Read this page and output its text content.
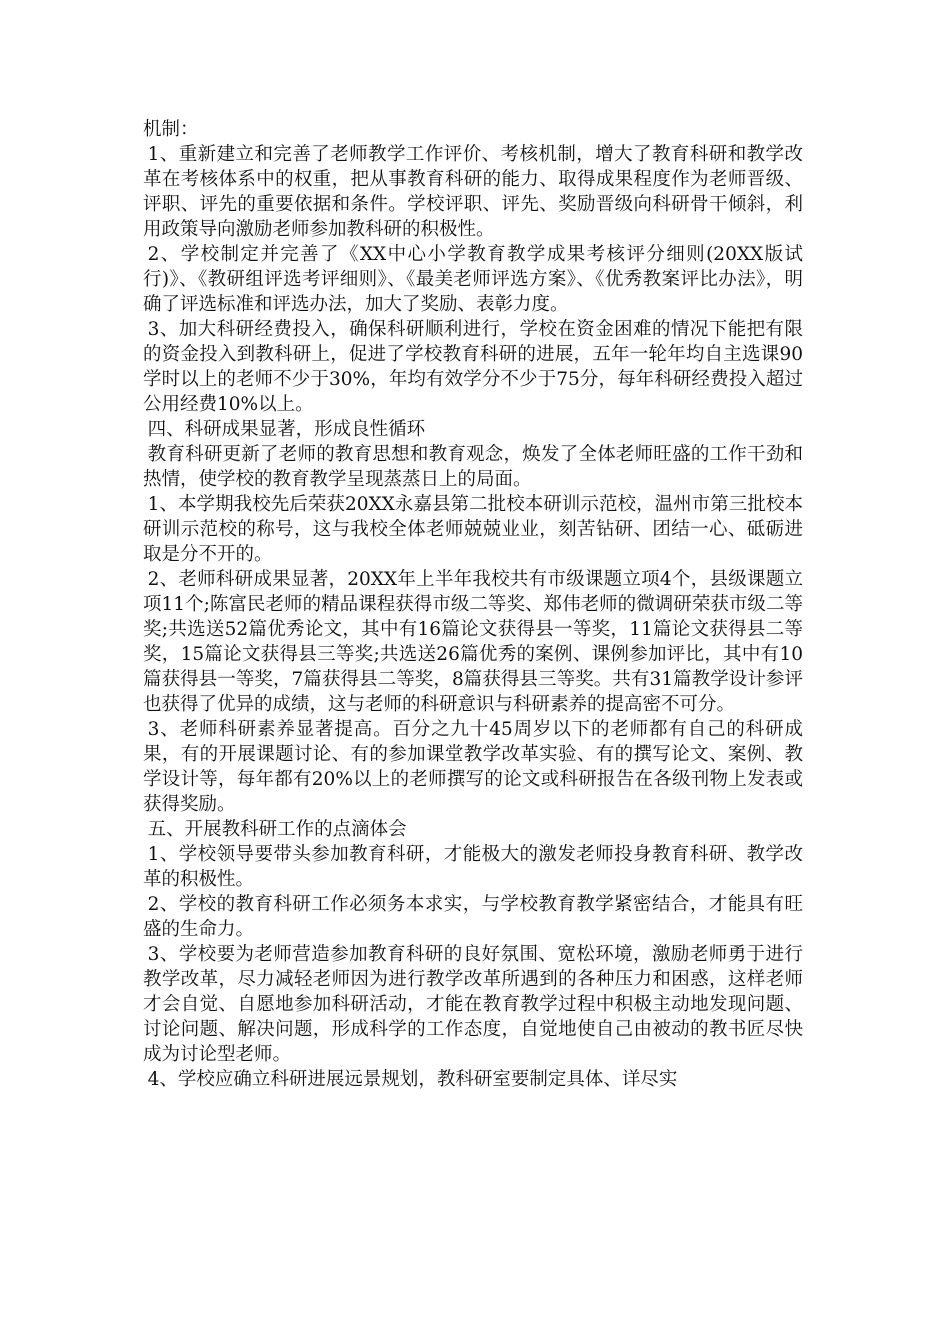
机制：

1、重新建立和完善了老师教学工作评价、考核机制，增大了教育科研和教学改革在考核体系中的权重，把从事教育科研的能力、取得成果程度作为老师晋级、评职、评先的重要依据和条件。学校评职、评先、奖励晋级向科研骨干倾斜，利用政策导向激励老师参加教科研的积极性。

2、学校制定并完善了《XX中心小学教育教学成果考核评分细则(20XX版试行)》、《教研组评选考评细则》、《最美老师评选方案》、《优秀教案评比办法》，明确了评选标准和评选办法，加大了奖励、表彰力度。

3、加大科研经费投入，确保科研顺利进行，学校在资金困难的情况下能把有限的资金投入到教科研上，促进了学校教育科研的进展，五年一轮年均自主选课90学时以上的老师不少于30%，年均有效学分不少于75分，每年科研经费投入超过公用经费10%以上。

四、科研成果显著，形成良性循环

教育科研更新了老师的教育思想和教育观念，焕发了全体老师旺盛的工作干劲和热情，使学校的教育教学呈现蒸蒸日上的局面。

1、本学期我校先后荣获20XX永嘉县第二批校本研训示范校，温州市第三批校本研训示范校的称号，这与我校全体老师兢兢业业，刻苦钻研、团结一心、砥砺进取是分不开的。

2、老师科研成果显著，20XX年上半年我校共有市级课题立项4个，县级课题立项11个;陈富民老师的精品课程获得市级二等奖、郑伟老师的微调研荣获市级二等奖;共选送52篇优秀论文，其中有16篇论文获得县一等奖，11篇论文获得县二等奖，15篇论文获得县三等奖;共选送26篇优秀的案例、课例参加评比，其中有10篇获得县一等奖，7篇获得县二等奖，8篇获得县三等奖。共有31篇教学设计参评也获得了优异的成绩，这与老师的科研意识与科研素养的提高密不可分。

3、老师科研素养显著提高。百分之九十45周岁以下的老师都有自己的科研成果，有的开展课题讨论、有的参加课堂教学改革实验、有的撰写论文、案例、教学设计等，每年都有20%以上的老师撰写的论文或科研报告在各级刊物上发表或获得奖励。

五、开展教科研工作的点滴体会

1、学校领导要带头参加教育科研，才能极大的激发老师投身教育科研、教学改革的积极性。

2、学校的教育科研工作必须务本求实，与学校教育教学紧密结合，才能具有旺盛的生命力。

3、学校要为老师营造参加教育科研的良好氛围、宽松环境，激励老师勇于进行教学改革，尽力减轻老师因为进行教学改革所遇到的各种压力和困惑，这样老师才会自觉、自愿地参加科研活动，才能在教育教学过程中积极主动地发现问题、讨论问题、解决问题，形成科学的工作态度，自觉地使自己由被动的教书匠尽快成为讨论型老师。

4、学校应确立科研进展远景规划，教科研室要制定具体、详尽实
